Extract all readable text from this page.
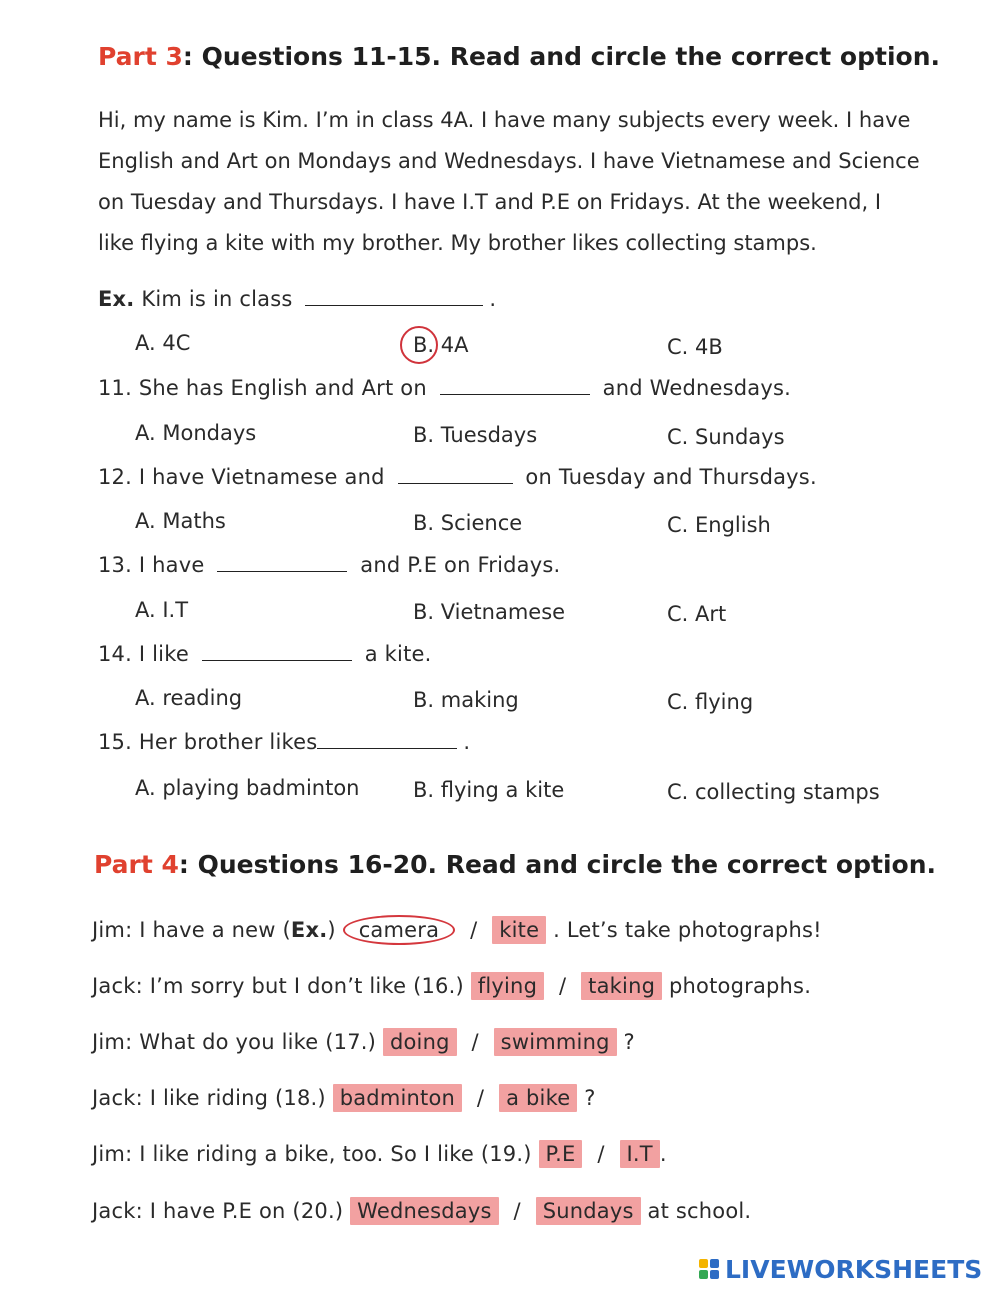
Part 3: Questions 11-15. Read and circle the correct option.
Hi, my name is Kim. I’m in class 4A. I have many subjects every week. I have
English and Art on Mondays and Wednesdays. I have Vietnamese and Science
on Tuesday and Thursdays. I have I.T and P.E on Fridays. At the weekend, I
like flying a kite with my brother. My brother likes collecting stamps.
Ex. Kim is in class	.
A. 4C	B. 4A	C. 4B
11. She has English and Art on	and Wednesdays.
A. Mondays	B. Tuesdays	C. Sundays
12. I have Vietnamese and	on Tuesday and Thursdays.
A. Maths	B. Science	C. English
13. I have	and P.E on Fridays.
A. I.T	B. Vietnamese	C. Art
14. I like	a kite.
A. reading	B. making	C. flying
15. Her brother likes	.
A. playing badminton	B. flying a kite	C. collecting stamps
Part 4: Questions 16-20. Read and circle the correct option.
Jim: I have a new (Ex.) camera / kite . Let’s take photographs!
Jack: I’m sorry but I don’t like (16.) flying / taking photographs.
Jim: What do you like (17.) doing / swimming ?
Jack: I like riding (18.) badminton / a bike ?
Jim: I like riding a bike, too. So I like (19.) P.E / I.T .
Jack: I have P.E on (20.) Wednesdays / Sundays at school.
LIVEWORKSHEETS
